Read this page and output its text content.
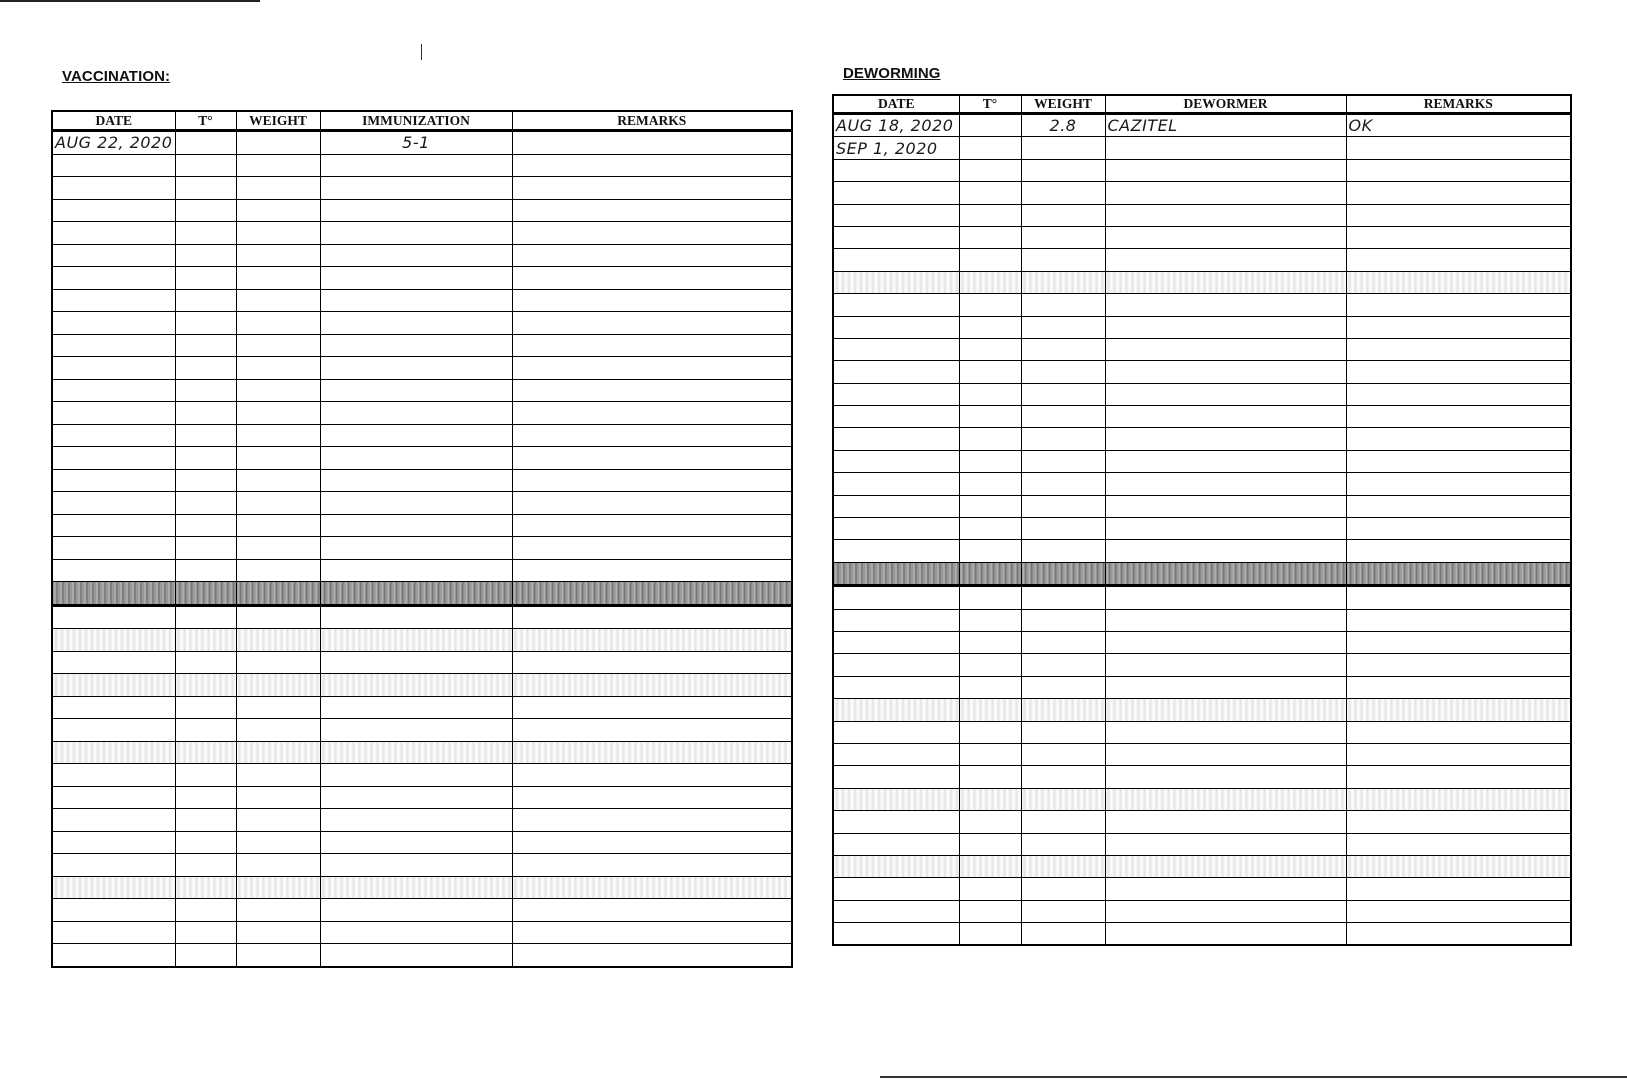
VACCINATION:
DATE	T°	WEIGHT	IMMUNIZATION	REMARKS
AUG 22, 2020			5-1	

DEWORMING
DATE	T°	WEIGHT	DEWORMER	REMARKS
AUG 18, 2020		2.8	CAZITEL	OK
SEP 1, 2020				
